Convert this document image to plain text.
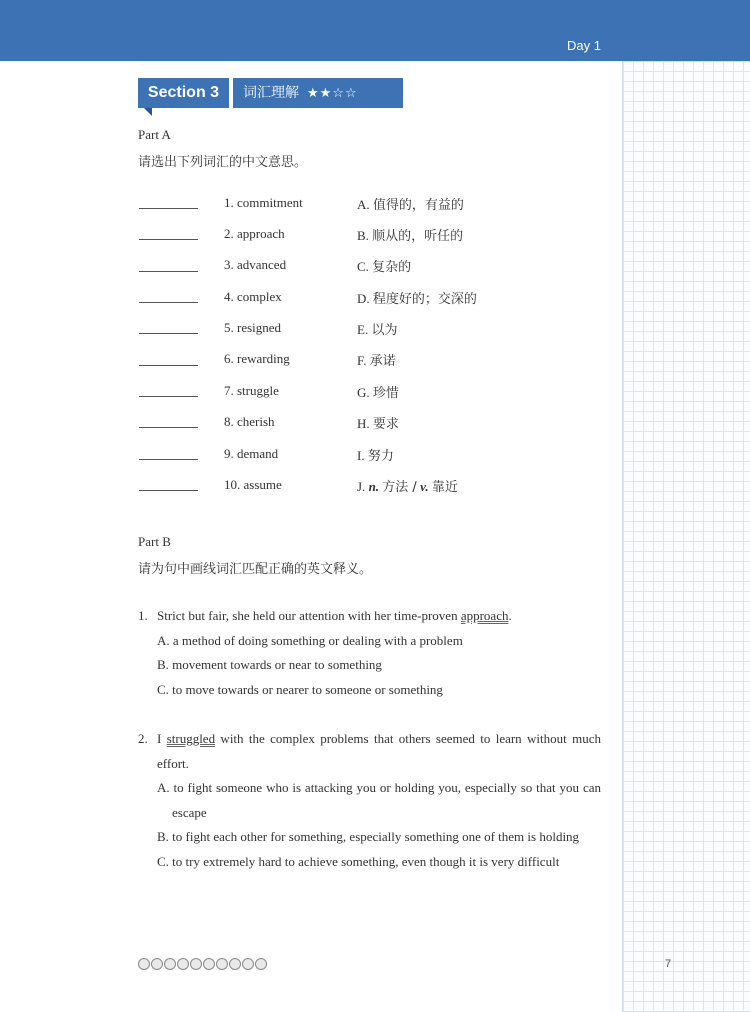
Day 1
Section 3	词汇理解 ★★☆☆
Part A
请选出下列词汇的中文意思。
1. commitment	A. 值得的，有益的
2. approach	B. 顺从的，听任的
3. advanced	C. 复杂的
4. complex	D. 程度好的；交深的
5. resigned	E. 以为
6. rewarding	F. 承诺
7. struggle	G. 珍惜
8. cherish	H. 要求
9. demand	I. 努力
10. assume	J. n. 方法 / v. 靠近
Part B
请为句中画线词汇匹配正确的英文释义。
1. Strict but fair, she held our attention with her time-proven approach.
A. a method of doing something or dealing with a problem
B. movement towards or near to something
C. to move towards or nearer to someone or something
2. I struggled with the complex problems that others seemed to learn without much
effort.
A. to fight someone who is attacking you or holding you, especially so that you can
escape
B. to fight each other for something, especially something one of them is holding
C. to try extremely hard to achieve something, even though it is very difficult
7
